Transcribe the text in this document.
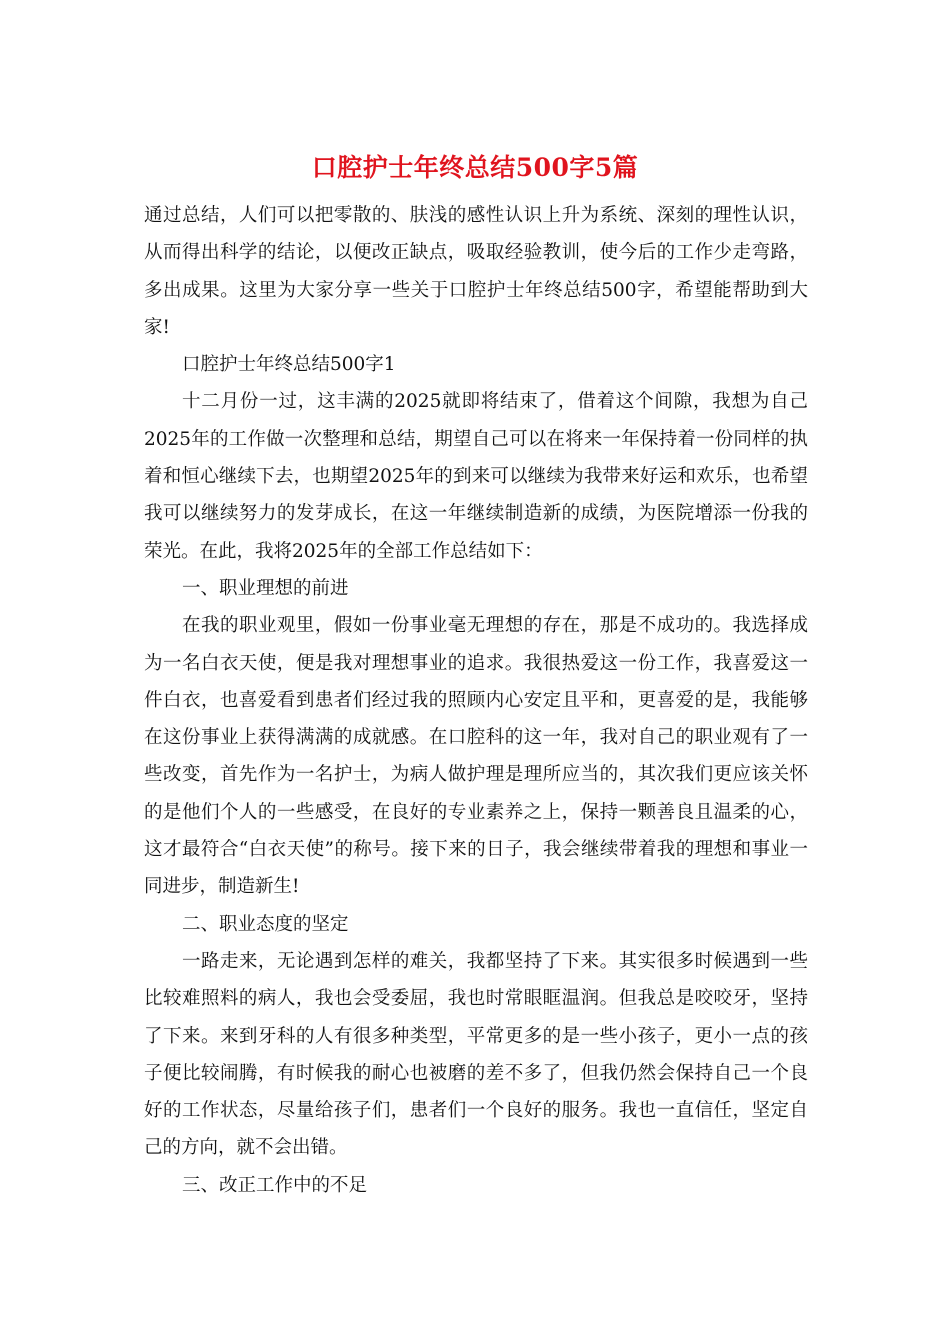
口腔护士年终总结500字5篇

通过总结，人们可以把零散的、肤浅的感性认识上升为系统、深刻的理性认识，从而得出科学的结论，以便改正缺点，吸取经验教训，使今后的工作少走弯路，多出成果。这里为大家分享一些关于口腔护士年终总结500字，希望能帮助到大家!

口腔护士年终总结500字1

十二月份一过，这丰满的2025就即将结束了，借着这个间隙，我想为自己2025年的工作做一次整理和总结，期望自己可以在将来一年保持着一份同样的执着和恒心继续下去，也期望2025年的到来可以继续为我带来好运和欢乐，也希望我可以继续努力的发芽成长，在这一年继续制造新的成绩，为医院增添一份我的荣光。在此，我将2025年的全部工作总结如下：

一、职业理想的前进

在我的职业观里，假如一份事业毫无理想的存在，那是不成功的。我选择成为一名白衣天使，便是我对理想事业的追求。我很热爱这一份工作，我喜爱这一件白衣，也喜爱看到患者们经过我的照顾内心安定且平和，更喜爱的是，我能够在这份事业上获得满满的成就感。在口腔科的这一年，我对自己的职业观有了一些改变，首先作为一名护士，为病人做护理是理所应当的，其次我们更应该关怀的是他们个人的一些感受，在良好的专业素养之上，保持一颗善良且温柔的心，这才最符合“白衣天使”的称号。接下来的日子，我会继续带着我的理想和事业一同进步，制造新生!

二、职业态度的坚定

一路走来，无论遇到怎样的难关，我都坚持了下来。其实很多时候遇到一些比较难照料的病人，我也会受委屈，我也时常眼眶温润。但我总是咬咬牙，坚持了下来。来到牙科的人有很多种类型，平常更多的是一些小孩子，更小一点的孩子便比较闹腾，有时候我的耐心也被磨的差不多了，但我仍然会保持自己一个良好的工作状态，尽量给孩子们，患者们一个良好的服务。我也一直信任，坚定自己的方向，就不会出错。

三、改正工作中的不足
